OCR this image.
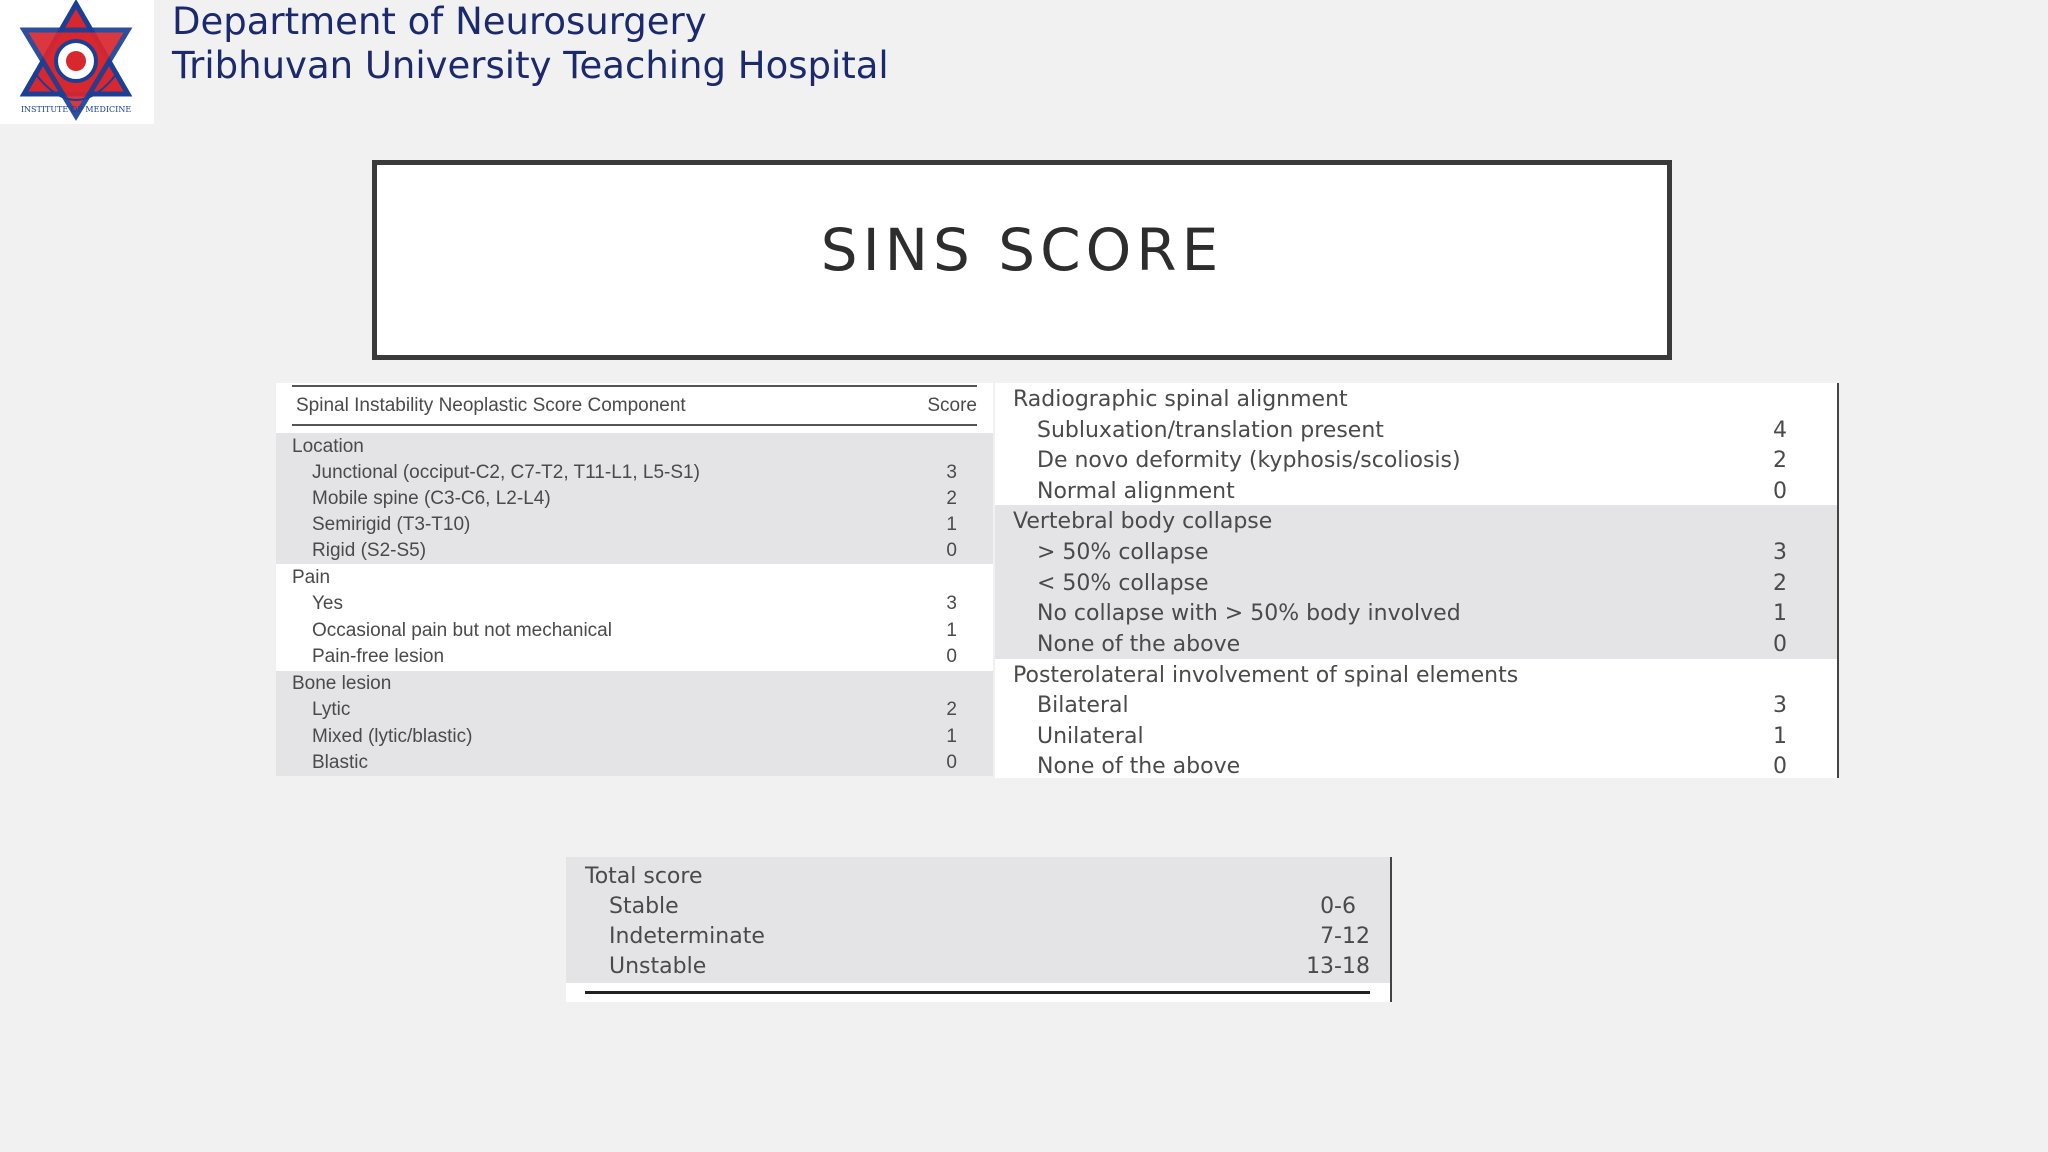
INSTITUTE OF MEDICINE
Department of Neurosurgery
Tribhuvan University Teaching Hospital
SINS SCORE
Spinal Instability Neoplastic Score Component	Score
Location
Junctional (occiput-C2, C7-T2, T11-L1, L5-S1)	3
Mobile spine (C3-C6, L2-L4)	2
Semirigid (T3-T10)	1
Rigid (S2-S5)	0
Pain
Yes	3
Occasional pain but not mechanical	1
Pain-free lesion	0
Bone lesion
Lytic	2
Mixed (lytic/blastic)	1
Blastic	0
Radiographic spinal alignment
Subluxation/translation present	4
De novo deformity (kyphosis/scoliosis)	2
Normal alignment	0
Vertebral body collapse
> 50% collapse	3
< 50% collapse	2
No collapse with > 50% body involved	1
None of the above	0
Posterolateral involvement of spinal elements
Bilateral	3
Unilateral	1
None of the above	0
Total score
Stable	0-6
Indeterminate	7-12
Unstable	13-18
